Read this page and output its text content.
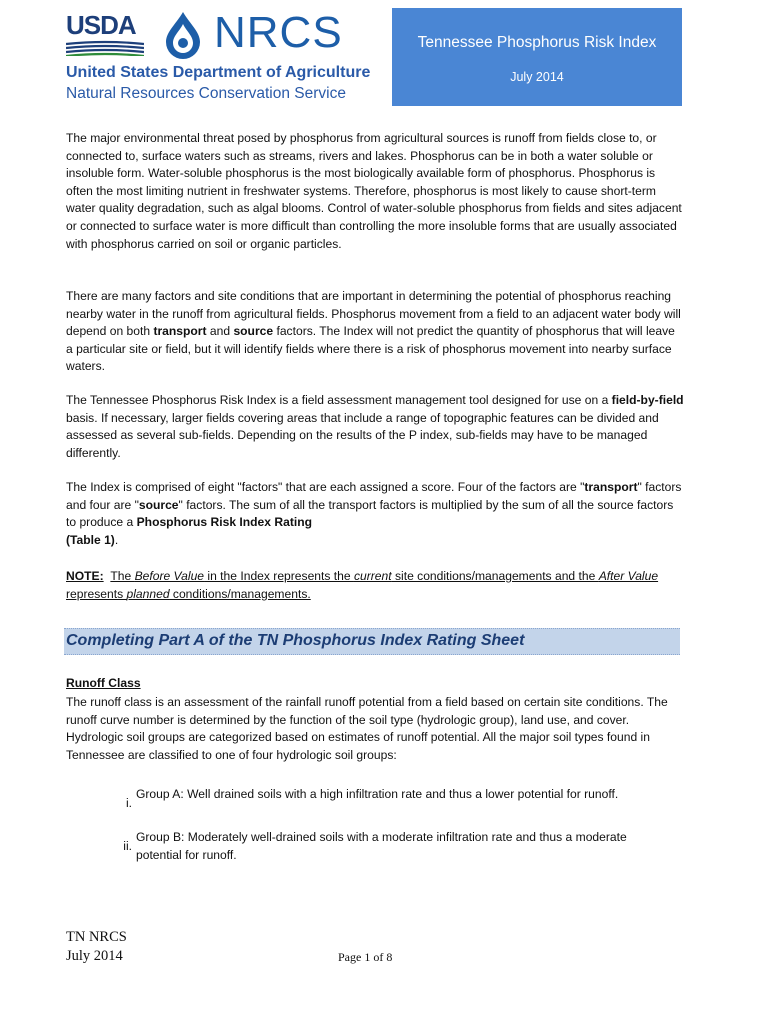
USDA NRCS
United States Department of Agriculture
Natural Resources Conservation Service
Tennessee Phosphorus Risk Index
July 2014

The major environmental threat posed by phosphorus from agricultural sources is runoff from fields close to, or connected to, surface waters such as streams, rivers and lakes. Phosphorus can be in both a water soluble or insoluble form. Water-soluble phosphorus is the most biologically available form of phosphorus. Phosphorus is often the most limiting nutrient in freshwater systems. Therefore, phosphorus is most likely to cause short-term water quality degradation, such as algal blooms. Control of water-soluble phosphorus from fields and sites adjacent or connected to surface water is more difficult than controlling the more insoluble forms that are usually associated with phosphorus carried on soil or organic particles.

There are many factors and site conditions that are important in determining the potential of phosphorus reaching nearby water in the runoff from agricultural fields. Phosphorus movement from a field to an adjacent water body will depend on both transport and source factors. The Index will not predict the quantity of phosphorus that will leave a particular site or field, but it will identify fields where there is a risk of phosphorus movement into nearby surface waters.

The Tennessee Phosphorus Risk Index is a field assessment management tool designed for use on a field-by-field basis. If necessary, larger fields covering areas that include a range of topographic features can be divided and assessed as several sub-fields. Depending on the results of the P index, sub-fields may have to be managed differently.

The Index is comprised of eight "factors" that are each assigned a score. Four of the factors are "transport" factors and four are "source" factors. The sum of all the transport factors is multiplied by the sum of all the source factors to produce a Phosphorus Risk Index Rating
(Table 1).

NOTE: The Before Value in the Index represents the current site conditions/managements and the After Value represents planned conditions/managements.

Completing Part A of the TN Phosphorus Index Rating Sheet
Runoff Class

The runoff class is an assessment of the rainfall runoff potential from a field based on certain site conditions. The runoff curve number is determined by the function of the soil type (hydrologic group), land use, and cover. Hydrologic soil groups are categorized based on estimates of runoff potential. All the major soil types found in Tennessee are classified to one of four hydrologic soil groups:

i.
Group A: Well drained soils with a high infiltration rate and thus a lower potential for runoff.
ii.
Group B: Moderately well-drained soils with a moderate infiltration rate and thus a moderate potential for runoff.
TN NRCS
July 2014	Page 1 of 8
